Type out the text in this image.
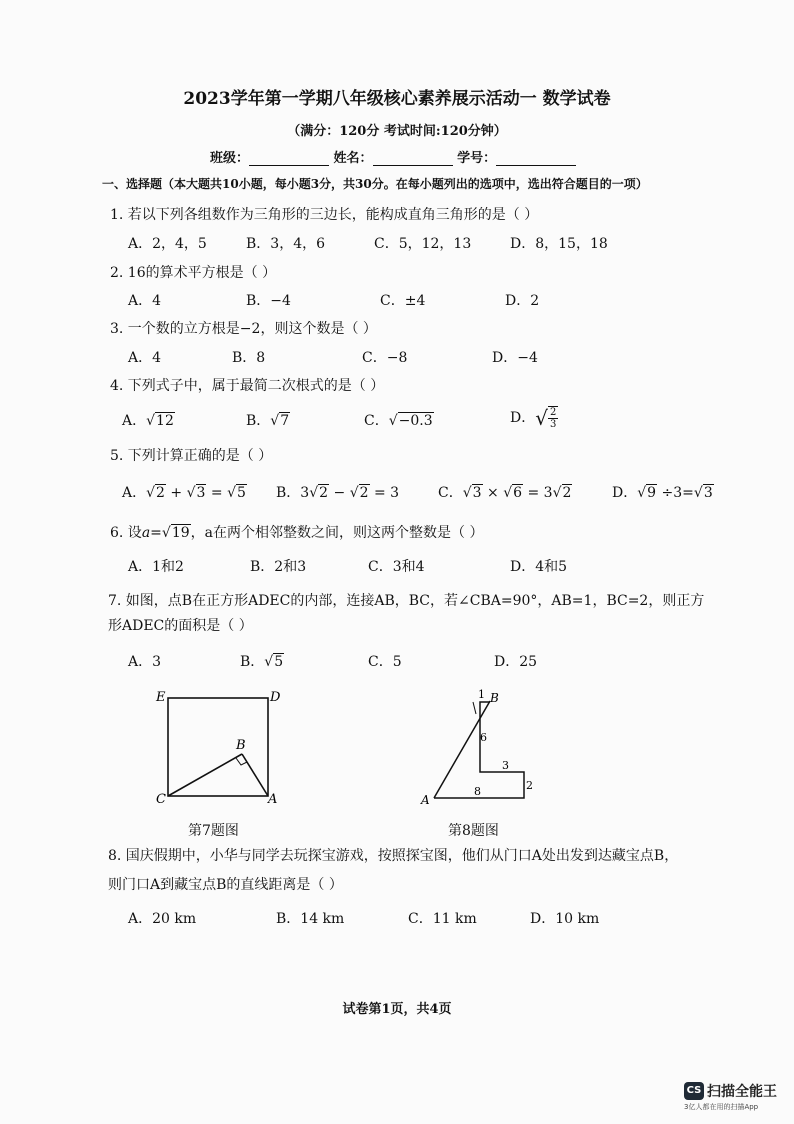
2023学年第一学期八年级核心素养展示活动一 数学试卷
（满分：120分 考试时间:120分钟）
班级：	姓名：	学号：
一、选择题（本大题共10小题，每小题3分，共30分。在每小题列出的选项中，选出符合题目的一项）
1. 若以下列各组数作为三角形的三边长，能构成直角三角形的是（ ）
A．2，4，5	B．3，4，6	C．5，12，13	D．8，15，18
2. 16的算术平方根是（ ）
A．4	B．−4	C．±4	D．2
3. 一个数的立方根是−2，则这个数是（ ）
A．4	B．8	C．−8	D．−4
4. 下列式子中，属于最简二次根式的是（ ）
A．√12	B．√7	C．√−0.3	D．√ $\frac{2}{3}$
5. 下列计算正确的是（ ）
A．√2 + √3 = √5 B．3√2 − √2 = 3	C．√3 × √6 = 3√2	D．√9 ÷3=√3
6. 设a=√19，a在两个相邻整数之间，则这两个整数是（ ）
A．1和2	B．2和3	C．3和4	D．4和5
7. 如图，点B在正方形ADEC的内部，连接AB，BC，若∠CBA=90°，AB=1，BC=2，则正方
形ADEC的面积是（ ）
A．3	B．√5	C．5	D．25
E	D
B
C	A
第7题图
1 B
6
3
2
8
A
第8题图
8. 国庆假期中，小华与同学去玩探宝游戏，按照探宝图，他们从门口A处出发到达藏宝点B，
则门口A到藏宝点B的直线距离是（ ）
A．20 km	B．14 km	C．11 km	D．10 km
试卷第1页，共4页
CS 扫描全能王
3亿人都在用的扫描App
